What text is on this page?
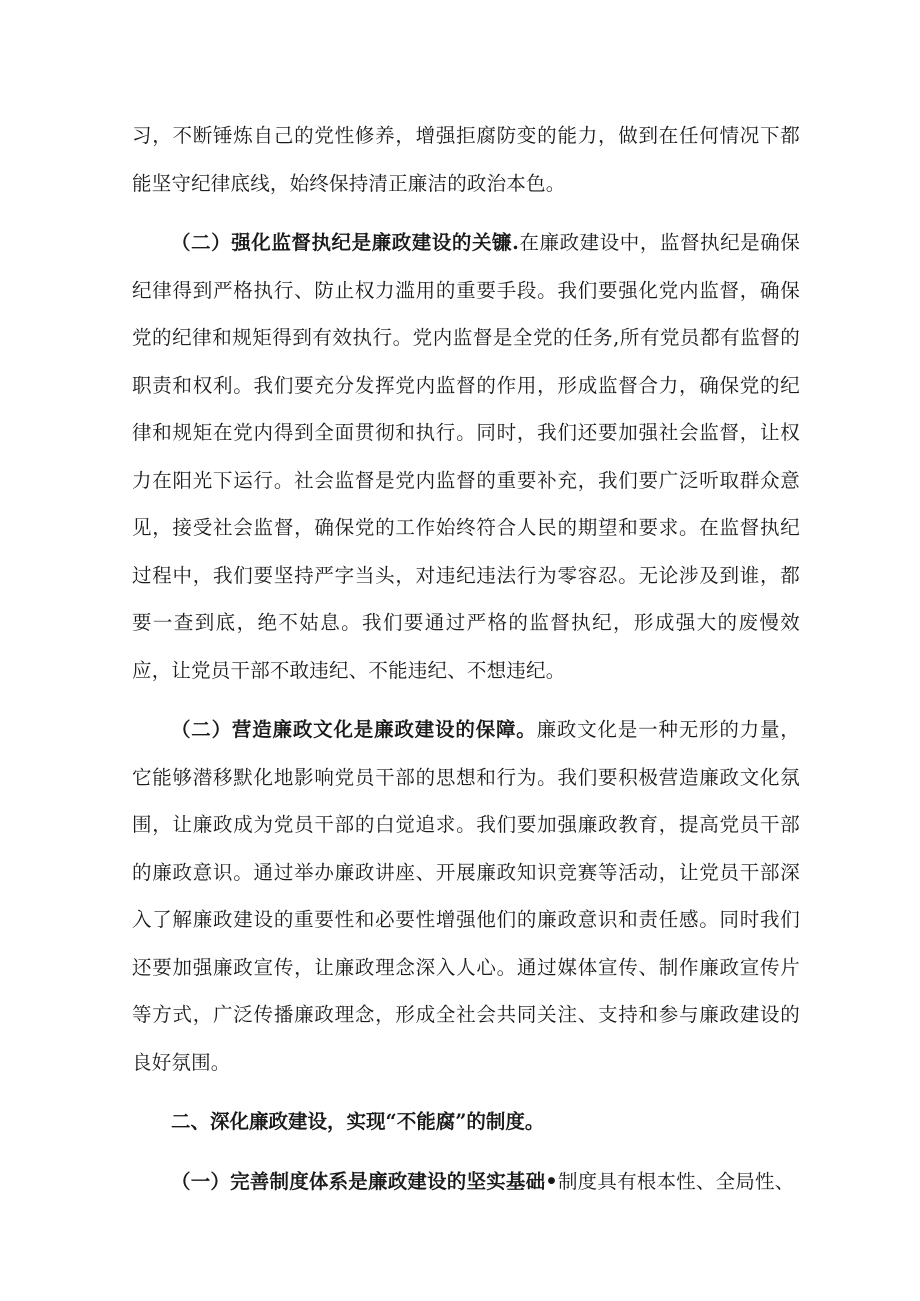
习，不断锤炼自己的党性修养，增强拒腐防变的能力，做到在任何情况下都能坚守纪律底线，始终保持清正廉洁的政治本色。

（二）强化监督执纪是廉政建设的关镰.在廉政建设中，监督执纪是确保纪律得到严格执行、防止权力滥用的重要手段。我们要强化党内监督，确保党的纪律和规矩得到有效执行。党内监督是全党的任务,所有党员都有监督的职责和权利。我们要充分发挥党内监督的作用，形成监督合力，确保党的纪律和规矩在党内得到全面贯彻和执行。同时，我们还要加强社会监督，让权力在阳光下运行。社会监督是党内监督的重要补充，我们要广泛听取群众意见，接受社会监督，确保党的工作始终符合人民的期望和要求。在监督执纪过程中，我们要坚持严字当头，对违纪违法行为零容忍。无论涉及到谁，都要一查到底，绝不姑息。我们要通过严格的监督执纪，形成强大的废慢效应，让党员干部不敢违纪、不能违纪、不想违纪。

（二）营造廉政文化是廉政建设的保障。廉政文化是一种无形的力量，它能够潜移默化地影响党员干部的思想和行为。我们要积极营造廉政文化氛围，让廉政成为党员干部的白觉追求。我们要加强廉政教育，提高党员干部的廉政意识。通过举办廉政讲座、开展廉政知识竞赛等活动，让党员干部深入了解廉政建设的重要性和必要性增强他们的廉政意识和责任感。同时我们还要加强廉政宣传，让廉政理念深入人心。通过媒体宣传、制作廉政宣传片等方式，广泛传播廉政理念，形成全社会共同关注、支持和参与廉政建设的良好氛围。

二、深化廉政建设，实现“不能腐”的制度。

（一）完善制度体系是廉政建设的坚实基础•制度具有根本性、全局性、
